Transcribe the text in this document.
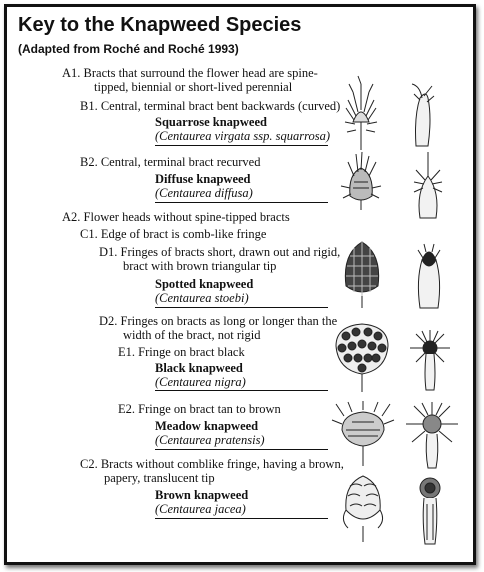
Key to the Knapweed Species
(Adapted from Roché and Roché 1993)
A1. Bracts that surround the flower head are spine-
tipped, biennial or short-lived perennial
B1. Central, terminal bract bent backwards (curved)
Squarrose knapweed
(Centaurea virgata ssp. squarrosa)
B2. Central, terminal bract recurved
Diffuse knapweed
(Centaurea diffusa)
A2. Flower heads without spine-tipped bracts
C1. Edge of bract is comb-like fringe
D1. Fringes of bracts short, drawn out and rigid,
bract with brown triangular tip
Spotted knapweed
(Centaurea stoebi)
D2. Fringes on bracts as long or longer than the
width of the bract, not rigid
E1. Fringe on bract black
Black knapweed
(Centaurea nigra)
E2. Fringe on bract tan to brown
Meadow knapweed
(Centaurea pratensis)
C2. Bracts without comblike fringe, having a brown,
papery, translucent tip
Brown knapweed
(Centaurea jacea)
